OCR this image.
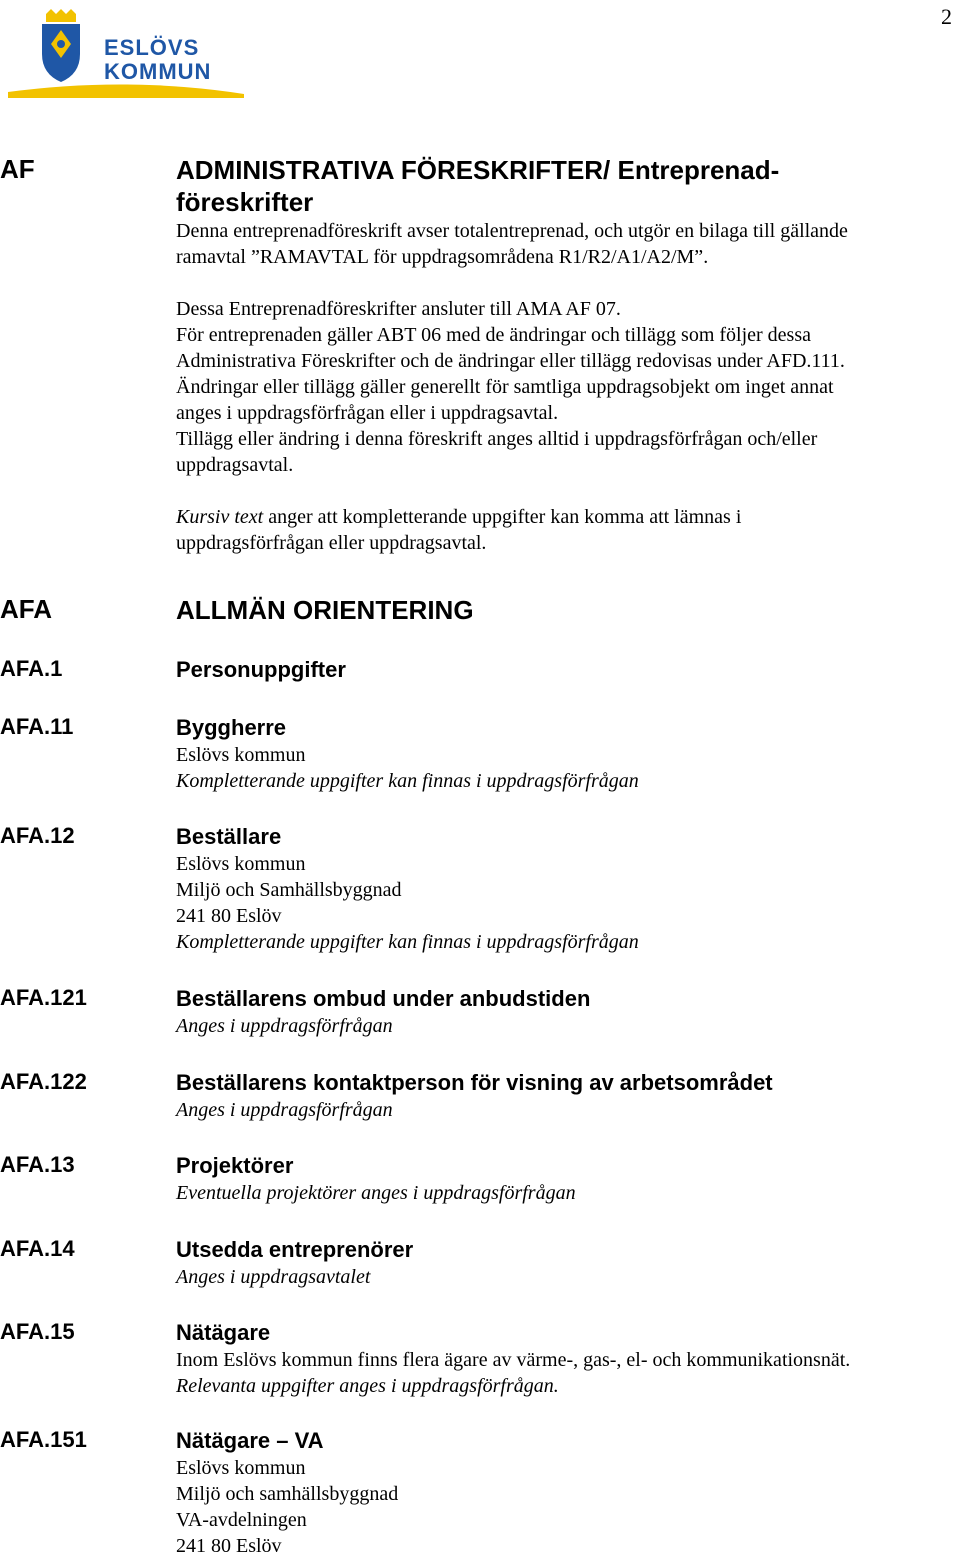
2
ESLÖVS
KOMMUN
AF	ADMINISTRATIVA FÖRESKRIFTER/ Entreprenad-
föreskrifter

Denna entreprenadföreskrift avser totalentreprenad, och utgör en bilaga till gällande

ramavtal ”RAMAVTAL för uppdragsområdena R1/R2/A1/A2/M”.

Dessa Entreprenadföreskrifter ansluter till AMA AF 07.

För entreprenaden gäller ABT 06 med de ändringar och tillägg som följer dessa

Administrativa Föreskrifter och de ändringar eller tillägg redovisas under AFD.111.

Ändringar eller tillägg gäller generellt för samtliga uppdragsobjekt om inget annat

anges i uppdragsförfrågan eller i uppdragsavtal.

Tillägg eller ändring i denna föreskrift anges alltid i uppdragsförfrågan och/eller

uppdragsavtal.

Kursiv text anger att kompletterande uppgifter kan komma att lämnas i

uppdragsförfrågan eller uppdragsavtal.

AFA	ALLMÄN ORIENTERING
AFA.1	Personuppgifter
AFA.11	Byggherre

Eslövs kommun

Kompletterande uppgifter kan finnas i uppdragsförfrågan

AFA.12	Beställare

Eslövs kommun

Miljö och Samhällsbyggnad

241 80 Eslöv

Kompletterande uppgifter kan finnas i uppdragsförfrågan

AFA.121	Beställarens ombud under anbudstiden

Anges i uppdragsförfrågan

AFA.122	Beställarens kontaktperson för visning av arbetsområdet

Anges i uppdragsförfrågan

AFA.13	Projektörer

Eventuella projektörer anges i uppdragsförfrågan

AFA.14	Utsedda entreprenörer

Anges i uppdragsavtalet

AFA.15	Nätägare

Inom Eslövs kommun finns flera ägare av värme-, gas-, el- och kommunikationsnät.

Relevanta uppgifter anges i uppdragsförfrågan.

AFA.151	Nätägare – VA

Eslövs kommun

Miljö och samhällsbyggnad

VA-avdelningen

241 80 Eslöv
